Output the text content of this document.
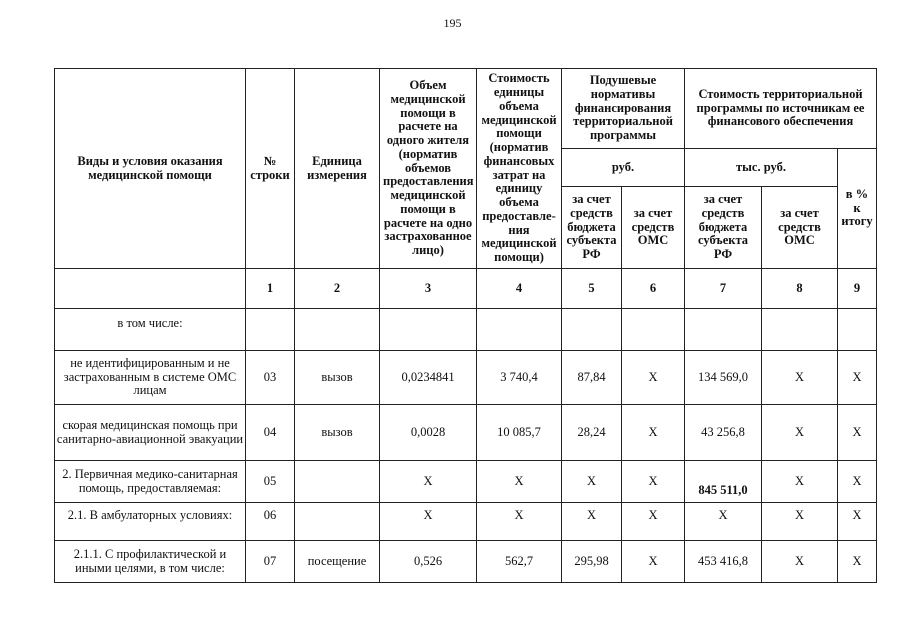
195
Виды и условия оказания медицинской помощи	№ строки	Единица измерения	Объем медицинской помощи в расчете на одного жителя (норматив объемов предоставления медицинской помощи в расчете на одно застрахованное лицо)	Стоимость единицы объема медицинской помощи (норматив финансовых затрат на единицу объема предоставле-ния медицинской помощи)	Подушевые нормативы финансирования территориальной программы		Стоимость территориальной программы по источникам ее финансового обеспечения		
					руб.		тыс. руб.		в % к итогу
					за счет средств бюджета субъекта РФ	за счет средств ОМС	за счет средств бюджета субъекта РФ	за счет средств ОМС	
	1	2	3	4	5	6	7	8	9
в том числе:									
не идентифицированным и не застрахованным в системе ОМС лицам	03	вызов	0,0234841	3 740,4	87,84	Х	134 569,0	Х	Х
скорая медицинская помощь при санитарно-авиационной эвакуации	04	вызов	0,0028	10 085,7	28,24	Х	43 256,8	Х	Х
2. Первичная медико-санитарная помощь, предоставляемая:	05		Х	Х	Х	Х	845 511,0	Х	Х
2.1. В амбулаторных условиях:	06		Х	Х	Х	Х	Х	Х	Х
2.1.1. С профилактической и иными целями, в том числе:	07	посещение	0,526	562,7	295,98	Х	453 416,8	Х	Х
